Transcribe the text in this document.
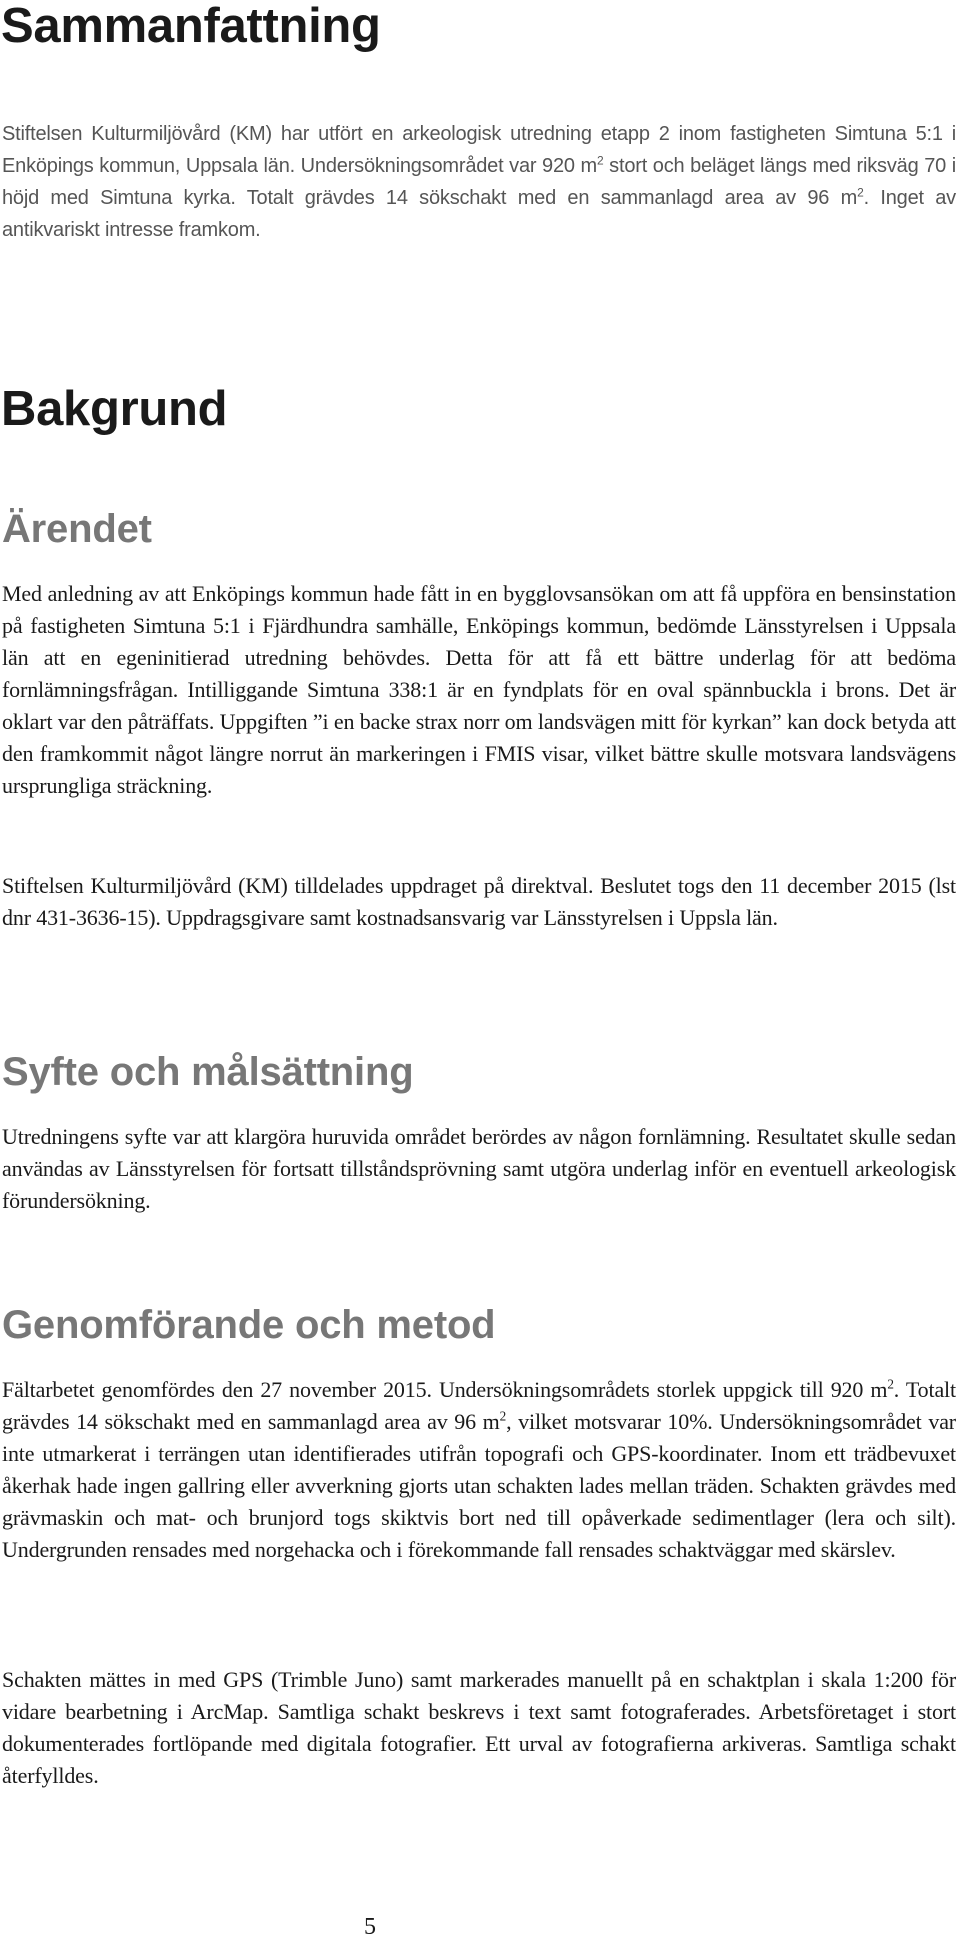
Sammanfattning

Stiftelsen Kulturmiljövård (KM) har utfört en arkeologisk utredning etapp 2 inom fastigheten Simtuna 5:1 i Enköpings kommun, Uppsala län. Undersökningsområdet var 920 $m^2$ stort och beläget längs med riksväg 70 i höjd med Simtuna kyrka. Totalt grävdes 14 sökschakt med en sammanlagd area av 96 $m^2$. Inget av antikvariskt intresse framkom.

Bakgrund
Ärendet

Med anledning av att Enköpings kommun hade fått in en bygglovsansökan om att få uppföra en bensinstation på fastigheten Simtuna 5:1 i Fjärdhundra samhälle, Enköpings kommun, bedömde Länsstyrelsen i Uppsala län att en egeninitierad utredning behövdes. Detta för att få ett bättre underlag för att bedöma fornlämningsfrågan. Intilliggande Simtuna 338:1 är en fyndplats för en oval spännbuckla i brons. Det är oklart var den påträffats. Uppgiften ”i en backe strax norr om landsvägen mitt för kyrkan” kan dock betyda att den framkommit något längre norrut än markeringen i FMIS visar, vilket bättre skulle motsvara landsvägens ursprungliga sträckning.

Stiftelsen Kulturmiljövård (KM) tilldelades uppdraget på direktval. Beslutet togs den 11 december 2015 (lst dnr 431-3636-15). Uppdragsgivare samt kostnadsansvarig var Länsstyrelsen i Uppsla län.

Syfte och målsättning

Utredningens syfte var att klargöra huruvida området berördes av någon fornlämning. Resultatet skulle sedan användas av Länsstyrelsen för fortsatt tillståndsprövning samt utgöra underlag inför en eventuell arkeologisk förundersökning.

Genomförande och metod

Fältarbetet genomfördes den 27 november 2015. Undersökningsområdets storlek uppgick till 920 $m^2$. Totalt grävdes 14 sökschakt med en sammanlagd area av 96 $m^2$, vilket motsvarar 10%. Undersökningsområdet var inte utmarkerat i terrängen utan identifierades utifrån topografi och GPS-koordinater. Inom ett trädbevuxet åkerhak hade ingen gallring eller avverkning gjorts utan schakten lades mellan träden. Schakten grävdes med grävmaskin och mat- och brunjord togs skiktvis bort ned till opåverkade sedimentlager (lera och silt). Undergrunden rensades med norgehacka och i förekommande fall rensades schaktväggar med skärslev.

Schakten mättes in med GPS (Trimble Juno) samt markerades manuellt på en schaktplan i skala 1:200 för vidare bearbetning i ArcMap. Samtliga schakt beskrevs i text samt fotograferades. Arbetsföretaget i stort dokumenterades fortlöpande med digitala fotografier. Ett urval av fotografierna arkiveras. Samtliga schakt återfylldes.

5
